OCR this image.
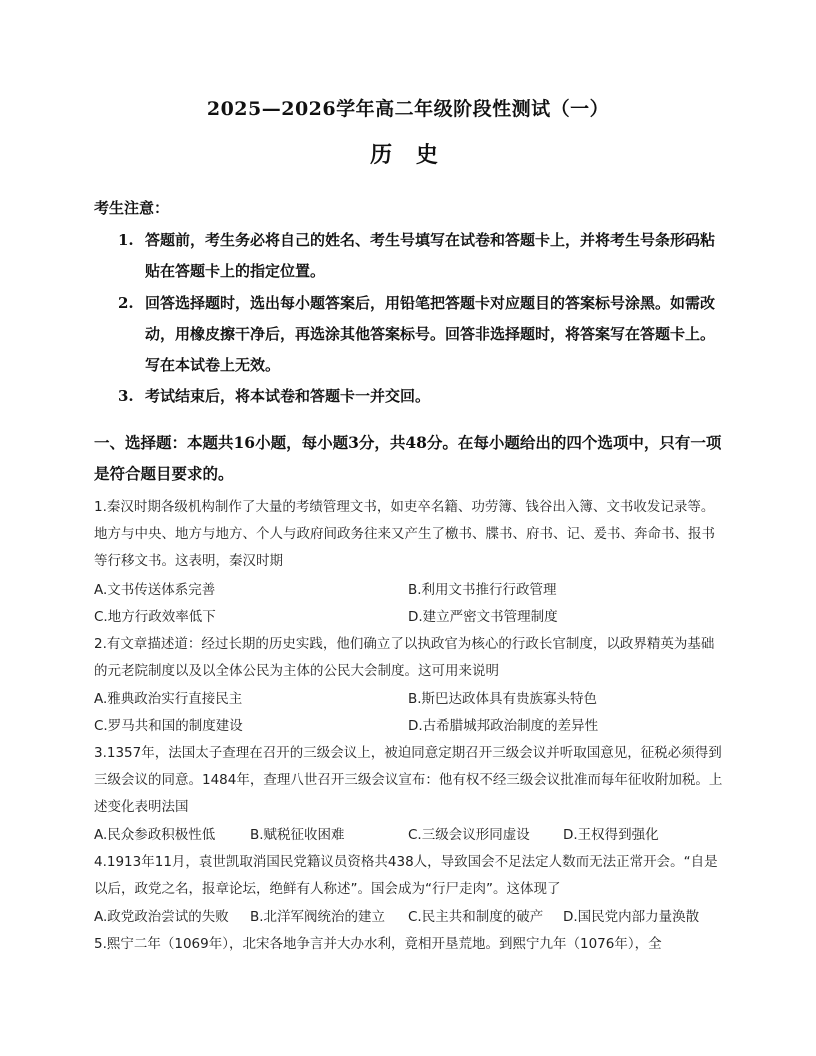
2025—2026学年高二年级阶段性测试（一）
历 史
考生注意：
1. 答题前，考生务必将自己的姓名、考生号填写在试卷和答题卡上，并将考生号条形码粘贴在答题卡上的指定位置。
2. 回答选择题时，选出每小题答案后，用铅笔把答题卡对应题目的答案标号涂黑。如需改动，用橡皮擦干净后，再选涂其他答案标号。回答非选择题时，将答案写在答题卡上。写在本试卷上无效。
3. 考试结束后，将本试卷和答题卡一并交回。
一、选择题：本题共16小题，每小题3分，共48分。在每小题给出的四个选项中，只有一项是符合题目要求的。
1.秦汉时期各级机构制作了大量的考绩管理文书，如吏卒名籍、功劳簿、钱谷出入簿、文书收发记录等。地方与中央、地方与地方、个人与政府间政务往来又产生了檄书、牒书、府书、记、爰书、奔命书、报书等行移文书。这表明，秦汉时期
A.文书传送体系完善	B.利用文书推行行政管理
C.地方行政效率低下	D.建立严密文书管理制度
2.有文章描述道：经过长期的历史实践，他们确立了以执政官为核心的行政长官制度，以政界精英为基础的元老院制度以及以全体公民为主体的公民大会制度。这可用来说明
A.雅典政治实行直接民主	B.斯巴达政体具有贵族寡头特色
C.罗马共和国的制度建设	D.古希腊城邦政治制度的差异性
3.1357年，法国太子查理在召开的三级会议上，被迫同意定期召开三级会议并听取国意见，征税必须得到三级会议的同意。1484年，查理八世召开三级会议宣布：他有权不经三级会议批准而每年征收附加税。上述变化表明法国
A.民众参政积极性低	B.赋税征收困难	C.三级会议形同虚设 D.王权得到强化
4.1913年11月，袁世凯取消国民党籍议员资格共438人，导致国会不足法定人数而无法正常开会。“自是以后，政党之名，报章论坛，绝鲜有人称述”。国会成为“行尸走肉”。这体现了
A.政党政治尝试的失败 B.北洋军阀统治的建立 C.民主共和制度的破产 D.国民党内部力量涣散
5.熙宁二年（1069年），北宋各地争言并大办水利，竟相开垦荒地。到熙宁九年（1076年），全
